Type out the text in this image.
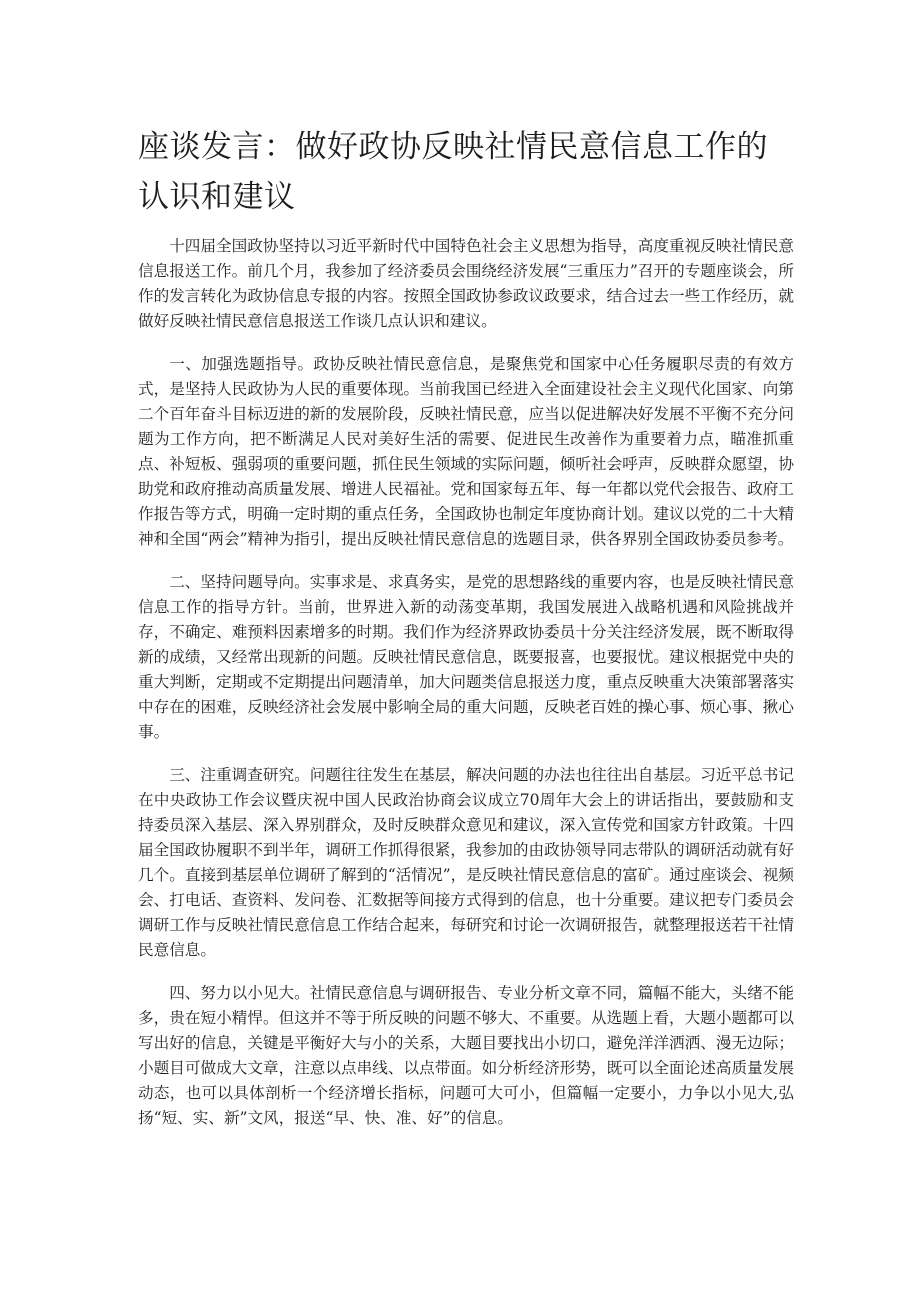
座谈发言：做好政协反映社情民意信息工作的认识和建议

十四届全国政协坚持以习近平新时代中国特色社会主义思想为指导，高度重视反映社情民意信息报送工作。前几个月，我参加了经济委员会围绕经济发展“三重压力”召开的专题座谈会，所作的发言转化为政协信息专报的内容。按照全国政协参政议政要求，结合过去一些工作经历，就做好反映社情民意信息报送工作谈几点认识和建议。

一、加强选题指导。政协反映社情民意信息，是聚焦党和国家中心任务履职尽责的有效方式，是坚持人民政协为人民的重要体现。当前我国已经进入全面建设社会主义现代化国家、向第二个百年奋斗目标迈进的新的发展阶段，反映社情民意，应当以促进解决好发展不平衡不充分问题为工作方向，把不断满足人民对美好生活的需要、促进民生改善作为重要着力点，瞄准抓重点、补短板、强弱项的重要问题，抓住民生领域的实际问题，倾听社会呼声，反映群众愿望，协助党和政府推动高质量发展、增进人民福祉。党和国家每五年、每一年都以党代会报告、政府工作报告等方式，明确一定时期的重点任务，全国政协也制定年度协商计划。建议以党的二十大精神和全国“两会”精神为指引，提出反映社情民意信息的选题目录，供各界别全国政协委员参考。

二、坚持问题导向。实事求是、求真务实，是党的思想路线的重要内容，也是反映社情民意信息工作的指导方针。当前，世界进入新的动荡变革期，我国发展进入战略机遇和风险挑战并存，不确定、难预料因素增多的时期。我们作为经济界政协委员十分关注经济发展，既不断取得新的成绩，又经常出现新的问题。反映社情民意信息，既要报喜，也要报忧。建议根据党中央的重大判断，定期或不定期提出问题清单，加大问题类信息报送力度，重点反映重大决策部署落实中存在的困难，反映经济社会发展中影响全局的重大问题，反映老百姓的操心事、烦心事、揪心事。

三、注重调查研究。问题往往发生在基层，解决问题的办法也往往出自基层。习近平总书记在中央政协工作会议暨庆祝中国人民政治协商会议成立70周年大会上的讲话指出，要鼓励和支持委员深入基层、深入界别群众，及时反映群众意见和建议，深入宣传党和国家方针政策。十四届全国政协履职不到半年，调研工作抓得很紧，我参加的由政协领导同志带队的调研活动就有好几个。直接到基层单位调研了解到的“活情况”，是反映社情民意信息的富矿。通过座谈会、视频会、打电话、查资料、发问卷、汇数据等间接方式得到的信息，也十分重要。建议把专门委员会调研工作与反映社情民意信息工作结合起来，每研究和讨论一次调研报告，就整理报送若干社情民意信息。

四、努力以小见大。社情民意信息与调研报告、专业分析文章不同，篇幅不能大，头绪不能多，贵在短小精悍。但这并不等于所反映的问题不够大、不重要。从选题上看，大题小题都可以写出好的信息，关键是平衡好大与小的关系，大题目要找出小切口，避免洋洋洒洒、漫无边际；小题目可做成大文章，注意以点串线、以点带面。如分析经济形势，既可以全面论述高质量发展动态，也可以具体剖析一个经济增长指标，问题可大可小，但篇幅一定要小，力争以小见大,弘扬“短、实、新”文风，报送“早、快、准、好”的信息。
